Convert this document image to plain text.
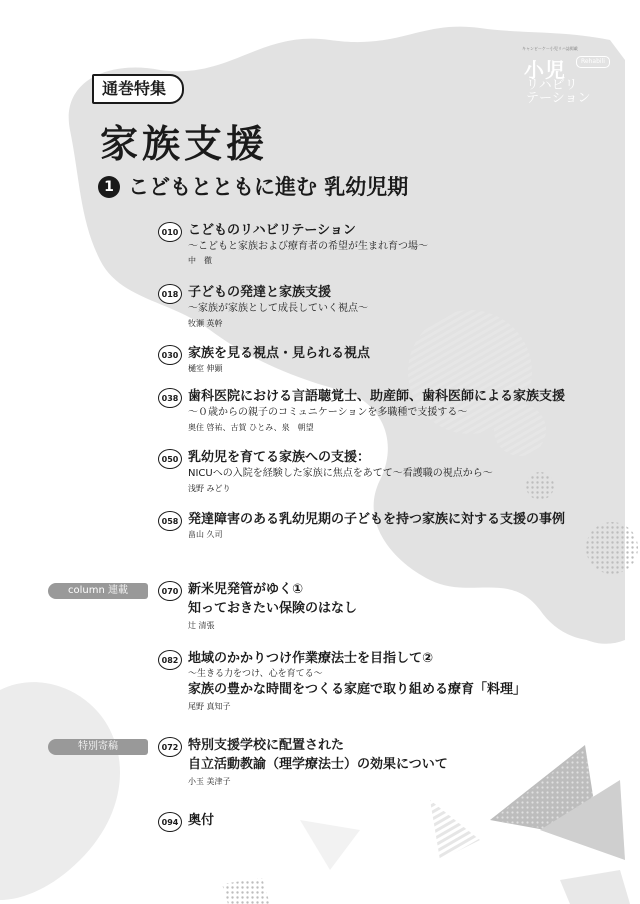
キャンビーケー小児リハ誌掲載
小児	Rehabili
リハビリ
テーション
通巻特集
家族支援
1 こどもとともに進む 乳幼児期
010 こどものリハビリテーション
〜こどもと家族および療育者の希望が生まれ育つ場〜
中　徹
018 子どもの発達と家族支援
〜家族が家族として成長していく視点〜
牧瀬 英幹
030 家族を見る視点・見られる視点
樋室 伸顕
038 歯科医院における言語聴覚士、助産師、歯科医師による家族支援
〜０歳からの親子のコミュニケーションを多職種で支援する〜
奥住 啓祐、古賀 ひとみ、泉　朝望
050 乳幼児を育てる家族への支援：
NICUへの入院を経験した家族に焦点をあてて〜看護職の視点から〜
浅野 みどり
058 発達障害のある乳幼児期の子どもを持つ家族に対する支援の事例
畠山 久司
column 連載	070 新米児発管がゆく①
知っておきたい保険のはなし
辻 清張
082 地域のかかりつけ作業療法士を目指して②
〜生きる力をつけ、心を育てる〜
家族の豊かな時間をつくる家庭で取り組める療育「料理」
尾野 真知子
特別寄稿	072 特別支援学校に配置された
自立活動教諭（理学療法士）の効果について
小玉 美津子
094 奥付
